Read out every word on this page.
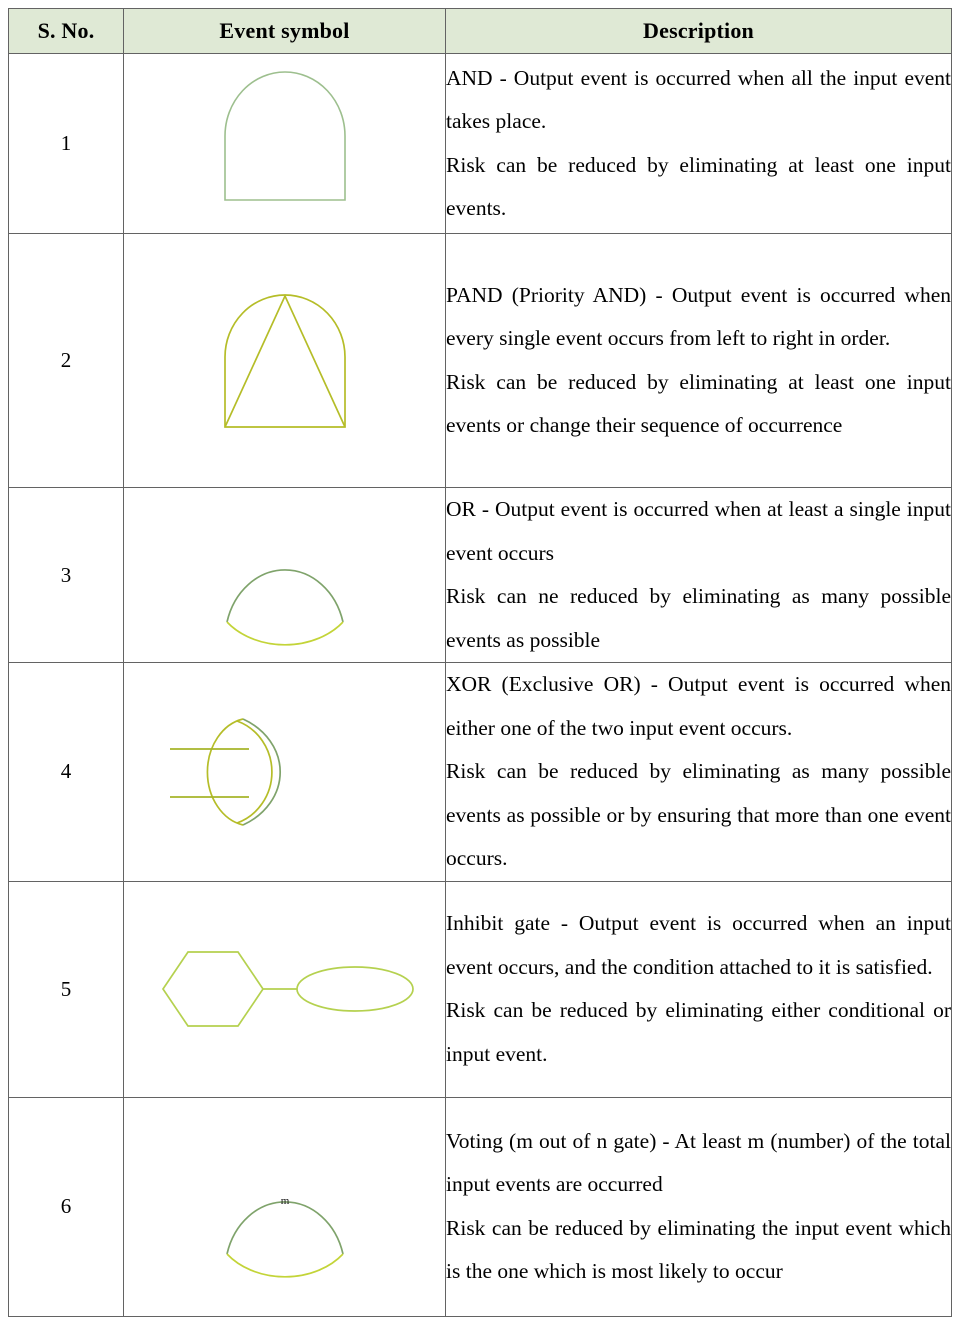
S. No.	Event symbol	Description
1		AND - Output event is occurred when all the input event takes place.

Risk can be reduced by eliminating at least one input events.

2		PAND (Priority AND) - Output event is occurred when every single event occurs from left to right in order.

Risk can be reduced by eliminating at least one input events or change their sequence of occurrence

3		OR - Output event is occurred when at least a single input event occurs

Risk can ne reduced by eliminating as many possible events as possible

4		XOR (Exclusive OR) - Output event is occurred when either one of the two input event occurs.

Risk can be reduced by eliminating as many possible events as possible or by ensuring that more than one event occurs.

5		Inhibit gate - Output event is occurred when an input event occurs, and the condition attached to it is satisfied.

Risk can be reduced by eliminating either conditional or input event.

6	m	Voting (m out of n gate) - At least m (number) of the total input events are occurred

Risk can be reduced by eliminating the input event which is the one which is most likely to occur
